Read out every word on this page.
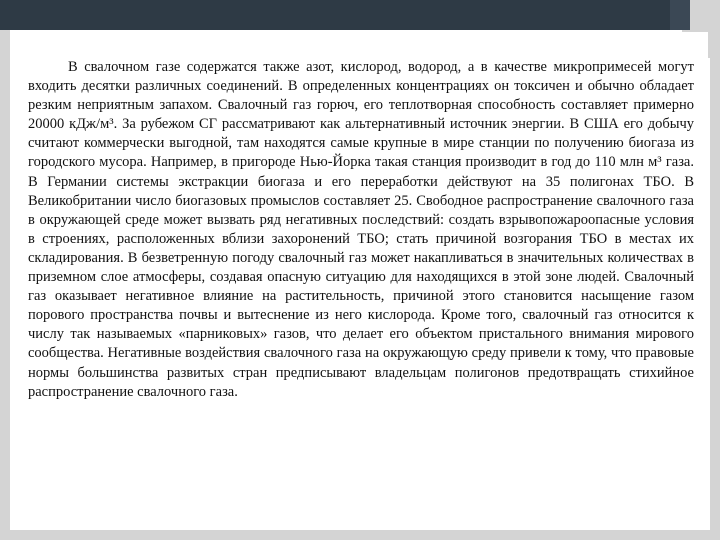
В свалочном газе содержатся также азот, кислород, водород, а в качестве микропримесей могут входить десятки различных соединений. В определенных концентрациях он токсичен и обычно обладает резким неприятным запахом. Свалочный газ горюч, его теплотворная способность составляет примерно 20000 кДж/м³. За рубежом СГ рассматривают как альтернативный источник энергии. В США его добычу считают коммерчески выгодной, там находятся самые крупные в мире станции по получению биогаза из городского мусора. Например, в пригороде Нью-Йорка такая станция производит в год до 110 млн м³ газа. В Германии системы экстракции биогаза и его переработки действуют на 35 полигонах ТБО. В Великобритании число биогазовых промыслов составляет 25. Свободное распространение свалочного газа в окружающей среде может вызвать ряд негативных последствий: создать взрывопожароопасные условия в строениях, расположенных вблизи захоронений ТБО; стать причиной возгорания ТБО в местах их складирования. В безветренную погоду свалочный газ может накапливаться в значительных количествах в приземном слое атмосферы, создавая опасную ситуацию для находящихся в этой зоне людей. Свалочный газ оказывает негативное влияние на растительность, причиной этого становится насыщение газом порового пространства почвы и вытеснение из него кислорода. Кроме того, свалочный газ относится к числу так называемых «парниковых» газов, что делает его объектом пристального внимания мирового сообщества. Негативные воздействия свалочного газа на окружающую среду привели к тому, что правовые нормы большинства развитых стран предписывают владельцам полигонов предотвращать стихийное распространение свалочного газа.
